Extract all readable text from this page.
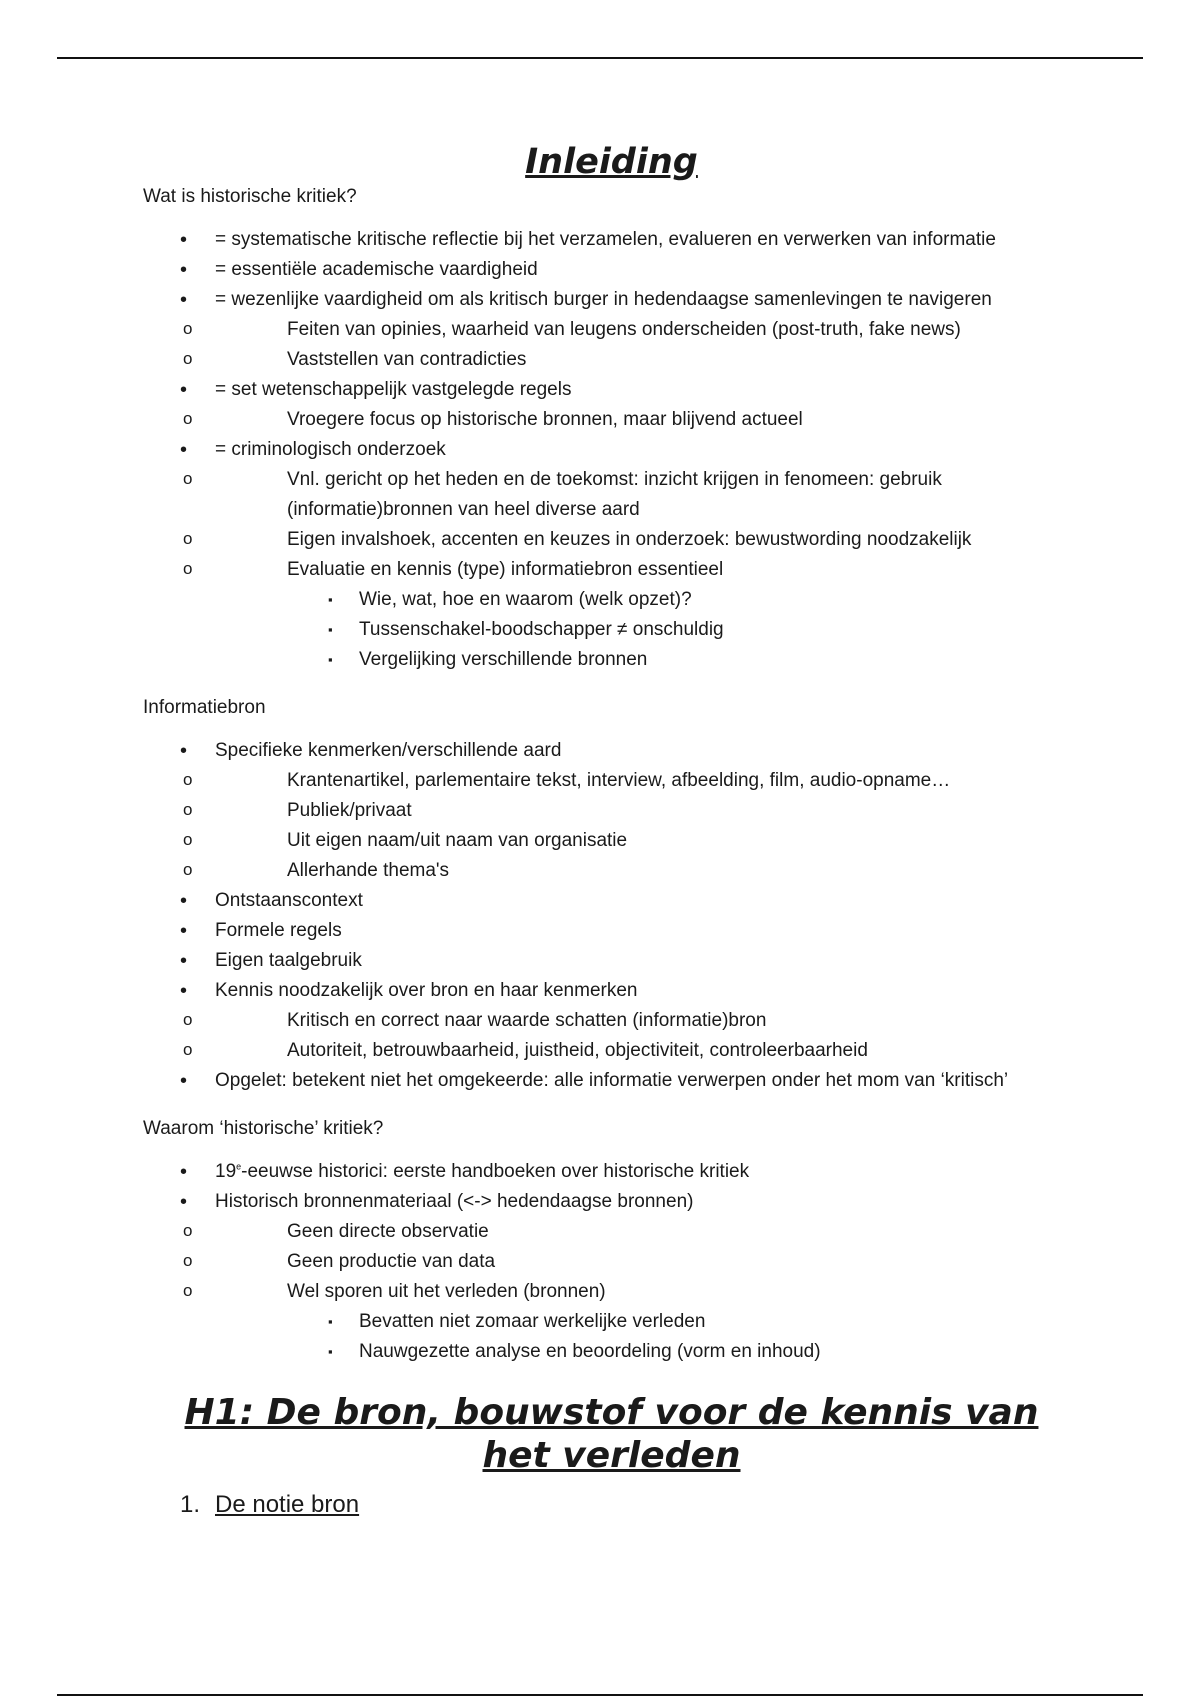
Inleiding

Wat is historische kritiek?

• = systematische kritische reflectie bij het verzamelen, evalueren en verwerken van informatie
• = essentiële academische vaardigheid
• = wezenlijke vaardigheid om als kritisch burger in hedendaagse samenlevingen te navigeren
o Feiten van opinies, waarheid van leugens onderscheiden (post-truth, fake news)
o Vaststellen van contradicties
• = set wetenschappelijk vastgelegde regels
o Vroegere focus op historische bronnen, maar blijvend actueel
• = criminologisch onderzoek
o Vnl. gericht op het heden en de toekomst: inzicht krijgen in fenomeen: gebruik (informatie)bronnen van heel diverse aard
o Eigen invalshoek, accenten en keuzes in onderzoek: bewustwording noodzakelijk
o Evaluatie en kennis (type) informatiebron essentieel
▪ Wie, wat, hoe en waarom (welk opzet)?
▪ Tussenschakel-boodschapper ≠ onschuldig
▪ Vergelijking verschillende bronnen

Informatiebron

• Specifieke kenmerken/verschillende aard
o Krantenartikel, parlementaire tekst, interview, afbeelding, film, audio-opname…
o Publiek/privaat
o Uit eigen naam/uit naam van organisatie
o Allerhande thema's
• Ontstaanscontext
• Formele regels
• Eigen taalgebruik
• Kennis noodzakelijk over bron en haar kenmerken
o Kritisch en correct naar waarde schatten (informatie)bron
o Autoriteit, betrouwbaarheid, juistheid, objectiviteit, controleerbaarheid
• Opgelet: betekent niet het omgekeerde: alle informatie verwerpen onder het mom van ‘kritisch’

Waarom ‘historische’ kritiek?

• 19e-eeuwse historici: eerste handboeken over historische kritiek
• Historisch bronnenmateriaal (<-> hedendaagse bronnen)
o Geen directe observatie
o Geen productie van data
o Wel sporen uit het verleden (bronnen)
▪ Bevatten niet zomaar werkelijke verleden
▪ Nauwgezette analyse en beoordeling (vorm en inhoud)
H1: De bron, bouwstof voor de kennis van het verleden
1. De notie bron
